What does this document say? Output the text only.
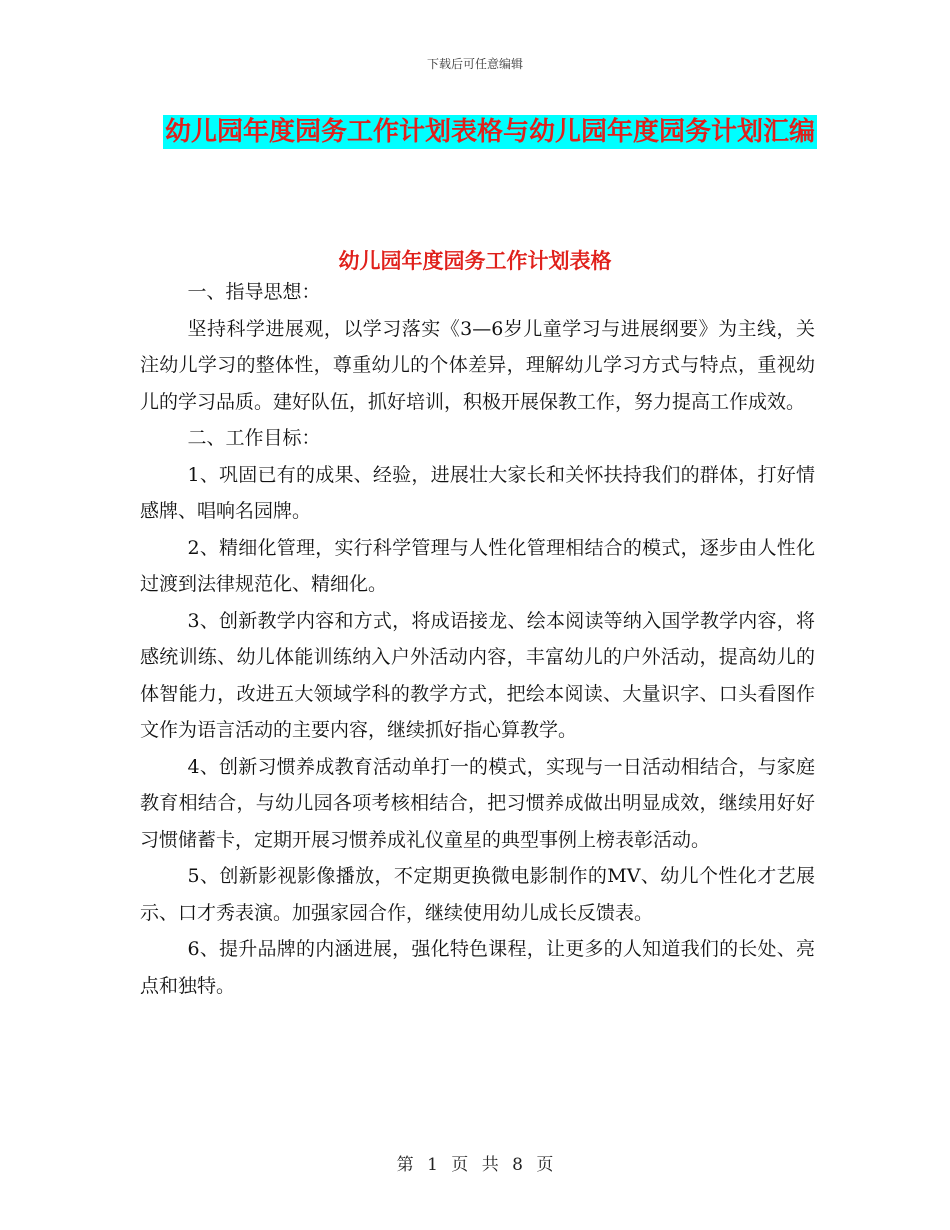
下载后可任意编辑
幼儿园年度园务工作计划表格与幼儿园年度园务计划汇编
幼儿园年度园务工作计划表格

一、指导思想：

坚持科学进展观，以学习落实《3—6岁儿童学习与进展纲要》为主线，关注幼儿学习的整体性，尊重幼儿的个体差异，理解幼儿学习方式与特点，重视幼儿的学习品质。建好队伍，抓好培训，积极开展保教工作，努力提高工作成效。

二、工作目标：

1、巩固已有的成果、经验，进展壮大家长和关怀扶持我们的群体，打好情感牌、唱响名园牌。

2、精细化管理，实行科学管理与人性化管理相结合的模式，逐步由人性化过渡到法律规范化、精细化。

3、创新教学内容和方式，将成语接龙、绘本阅读等纳入国学教学内容，将感统训练、幼儿体能训练纳入户外活动内容，丰富幼儿的户外活动，提高幼儿的体智能力，改进五大领域学科的教学方式，把绘本阅读、大量识字、口头看图作文作为语言活动的主要内容，继续抓好指心算教学。

4、创新习惯养成教育活动单打一的模式，实现与一日活动相结合，与家庭教育相结合，与幼儿园各项考核相结合，把习惯养成做出明显成效，继续用好好习惯储蓄卡，定期开展习惯养成礼仪童星的典型事例上榜表彰活动。

5、创新影视影像播放，不定期更换微电影制作的MV、幼儿个性化才艺展示、口才秀表演。加强家园合作，继续使用幼儿成长反馈表。

6、提升品牌的内涵进展，强化特色课程，让更多的人知道我们的长处、亮点和独特。

第 1 页 共 8 页
